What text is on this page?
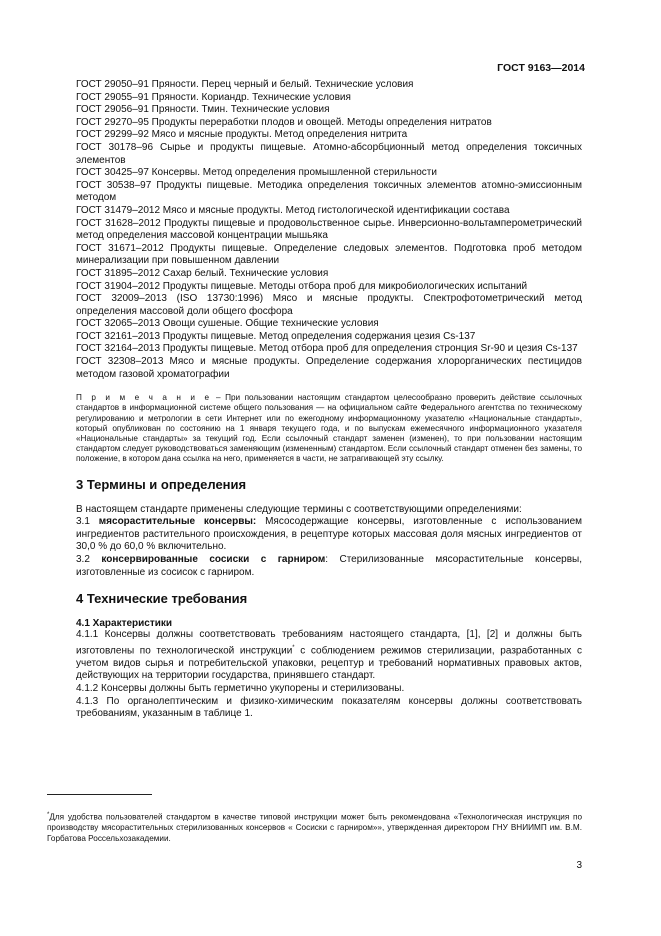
ГОСТ 9163—2014

ГОСТ 29050–91 Пряности. Перец черный и белый. Технические условия

ГОСТ 29055–91 Пряности. Кориандр. Технические условия

ГОСТ 29056–91 Пряности. Тмин. Технические условия

ГОСТ 29270–95 Продукты переработки плодов и овощей. Методы определения нитратов

ГОСТ 29299–92 Мясо и мясные продукты. Метод определения нитрита

ГОСТ 30178–96 Сырье и продукты пищевые. Атомно-абсорбционный метод определения токсичных элементов

ГОСТ 30425–97 Консервы. Метод определения промышленной стерильности

ГОСТ 30538–97 Продукты пищевые. Методика определения токсичных элементов атомно-эмиссионным методом

ГОСТ 31479–2012 Мясо и мясные продукты. Метод гистологической идентификации состава

ГОСТ 31628–2012 Продукты пищевые и продовольственное сырье. Инверсионно-вольтамперометрический метод определения массовой концентрации мышьяка

ГОСТ 31671–2012 Продукты пищевые. Определение следовых элементов. Подготовка проб методом минерализации при повышенном давлении

ГОСТ 31895–2012 Сахар белый. Технические условия

ГОСТ 31904–2012 Продукты пищевые. Методы отбора проб для микробиологических испытаний

ГОСТ 32009–2013 (ISO 13730:1996) Мясо и мясные продукты. Спектрофотометрический метод определения массовой доли общего фосфора

ГОСТ 32065–2013 Овощи сушеные. Общие технические условия

ГОСТ 32161–2013 Продукты пищевые. Метод определения содержания цезия Cs-137

ГОСТ 32164–2013 Продукты пищевые. Метод отбора проб для определения стронция Sr-90 и цезия Cs-137

ГОСТ 32308–2013 Мясо и мясные продукты. Определение содержания хлорорганических пестицидов методом газовой хроматографии

П р и м е ч а н и е – При пользовании настоящим стандартом целесообразно проверить действие ссылочных стандартов в информационной системе общего пользования — на официальном сайте Федерального агентства по техническому регулированию и метрологии в сети Интернет или по ежегодному информационному указателю «Национальные стандарты», который опубликован по состоянию на 1 января текущего года, и по выпускам ежемесячного информационного указателя «Национальные стандарты» за текущий год. Если ссылочный стандарт заменен (изменен), то при пользовании настоящим стандартом следует руководствоваться заменяющим (измененным) стандартом. Если ссылочный стандарт отменен без замены, то положение, в котором дана ссылка на него, применяется в части, не затрагивающей эту ссылку.

3 Термины и определения

В настоящем стандарте применены следующие термины с соответствующими определениями:

3.1 мясорастительные консервы: Мясосодержащие консервы, изготовленные с использованием ингредиентов растительного происхождения, в рецептуре которых массовая доля мясных ингредиентов от 30,0 % до 60,0 % включительно.

3.2 консервированные сосиски с гарниром: Стерилизованные мясорастительные консервы, изготовленные из сосисок с гарниром.

4 Технические требования
4.1 Характеристики

4.1.1 Консервы должны соответствовать требованиям настоящего стандарта, [1], [2] и должны быть изготовлены по технологической инструкции* с соблюдением режимов стерилизации, разработанных с учетом видов сырья и потребительской упаковки, рецептур и требований нормативных правовых актов, действующих на территории государства, принявшего стандарт.

4.1.2 Консервы должны быть герметично укупорены и стерилизованы.

4.1.3 По органолептическим и физико-химическим показателям консервы должны соответствовать требованиям, указанным в таблице 1.

*Для удобства пользователей стандартом в качестве типовой инструкции может быть рекомендована «Технологическая инструкция по производству мясорастительных стерилизованных консервов « Сосиски с гарниром»», утвержденная директором ГНУ ВНИИМП им. В.М. Горбатова Россельхозакадемии.

3
